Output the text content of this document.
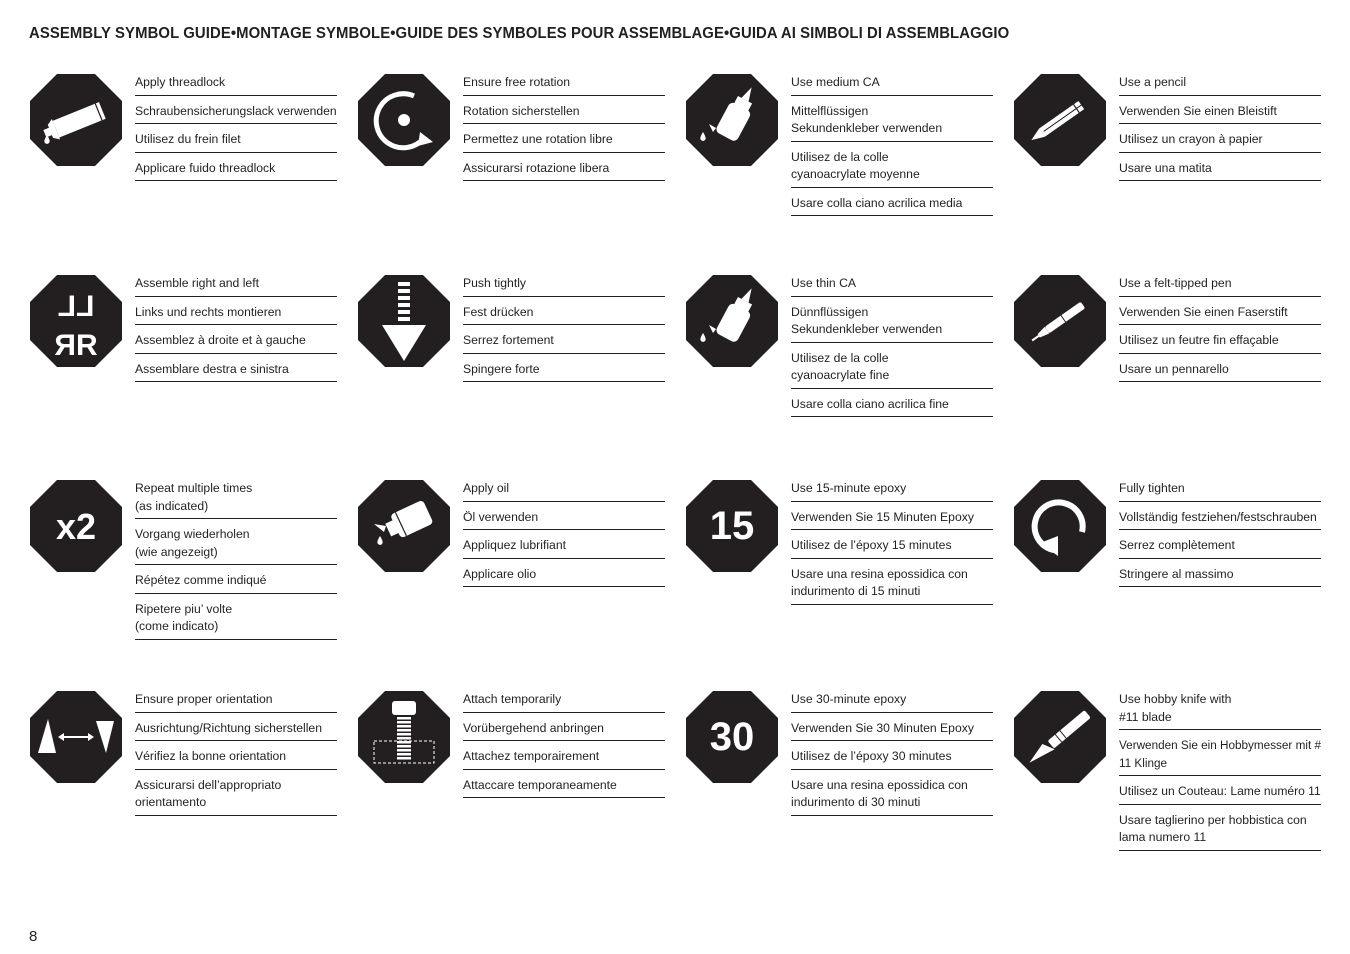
ASSEMBLY SYMBOL GUIDE•MONTAGE SYMBOLE•GUIDE DES SYMBOLES POUR ASSEMBLAGE•GUIDA AI SIMBOLI DI ASSEMBLAGGIO
Apply threadlock
Schraubensicherungslack verwenden
Utilisez du frein filet
Applicare fuido threadlock
Ensure free rotation
Rotation sicherstellen
Permettez une rotation libre
Assicurarsi rotazione libera
Use medium CA
Mittelflüssigen
Sekundenkleber verwenden
Utilisez de la colle
cyanoacrylate moyenne
Usare colla ciano acrilica media
Use a pencil
Verwenden Sie einen Bleistift
Utilisez un crayon à papier
Usare una matita
LL
ЯR
Assemble right and left
Links und rechts montieren
Assemblez à droite et à gauche
Assemblare destra e sinistra
Push tightly
Fest drücken
Serrez fortement
Spingere forte
Use thin CA
Dünnflüssigen
Sekundenkleber verwenden
Utilisez de la colle
cyanoacrylate fine
Usare colla ciano acrilica fine
Use a felt-tipped pen
Verwenden Sie einen Faserstift
Utilisez un feutre fin effaçable
Usare un pennarello
x2
Repeat multiple times
(as indicated)
Vorgang wiederholen
(wie angezeigt)
Répétez comme indiqué
Ripetere piu’ volte
(come indicato)
Apply oil
Öl verwenden
Appliquez lubrifiant
Applicare olio
15
Use 15-minute epoxy
Verwenden Sie 15 Minuten Epoxy
Utilisez de l’époxy 15 minutes
Usare una resina epossidica con
indurimento di 15 minuti
Fully tighten
Vollständig festziehen/festschrauben
Serrez complètement
Stringere al massimo
Ensure proper orientation
Ausrichtung/Richtung sicherstellen
Vérifiez la bonne orientation
Assicurarsi dell’appropriato
orientamento
Attach temporarily
Vorübergehend anbringen
Attachez temporairement
Attaccare temporaneamente
30
Use 30-minute epoxy
Verwenden Sie 30 Minuten Epoxy
Utilisez de l’époxy 30 minutes
Usare una resina epossidica con
indurimento di 30 minuti
Use hobby knife with
#11 blade
Verwenden Sie ein Hobbymesser mit #
11 Klinge
Utilisez un Couteau: Lame numéro 11
Usare taglierino per hobbistica con
lama numero 11
8
